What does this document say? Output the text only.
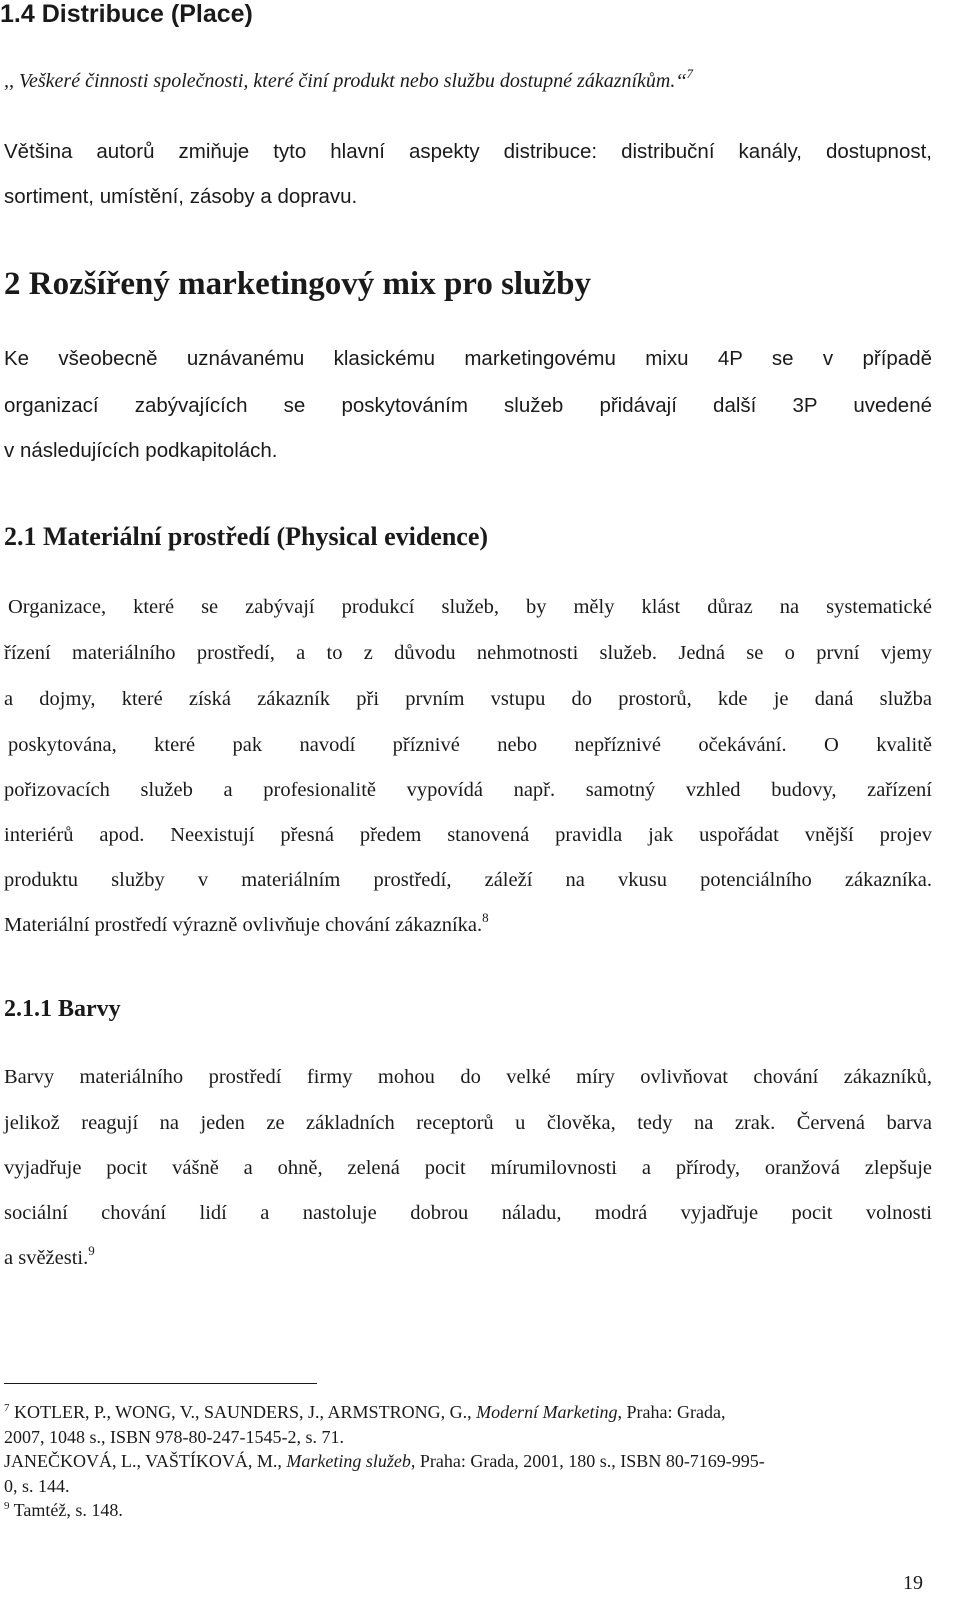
1.4 Distribuce (Place)

,, Veškeré činnosti společnosti, které činí produkt nebo službu dostupné zákazníkům.‘‘$^7$

Většina autorů zmiňuje tyto hlavní aspekty distribuce: distribuční kanály, dostupnost,

sortiment, umístění, zásoby a dopravu.

2 Rozšířený marketingový mix pro služby

Ke všeobecně uznávanému klasickému marketingovému mixu 4P se v případě

organizací zabývajících se poskytováním služeb přidávají další 3P uvedené

v následujících podkapitolách.

2.1 Materiální prostředí (Physical evidence)

Organizace, které se zabývají produkcí služeb, by měly klást důraz na systematické

řízení materiálního prostředí, a to z důvodu nehmotnosti služeb. Jedná se o první vjemy

a dojmy, které získá zákazník při prvním vstupu do prostorů, kde je daná služba

poskytována, které pak navodí příznivé nebo nepříznivé očekávání. O kvalitě

pořizovacích služeb a profesionalitě vypovídá např. samotný vzhled budovy, zařízení

interiérů apod. Neexistují přesná předem stanovená pravidla jak uspořádat vnější projev

produktu služby v materiálním prostředí, záleží na vkusu potenciálního zákazníka.

Materiální prostředí výrazně ovlivňuje chování zákazníka.$^8$

2.1.1 Barvy

Barvy materiálního prostředí firmy mohou do velké míry ovlivňovat chování zákazníků,

jelikož reagují na jeden ze základních receptorů u člověka, tedy na zrak. Červená barva

vyjadřuje pocit vášně a ohně, zelená pocit mírumilovnosti a přírody, oranžová zlepšuje

sociální chování lidí a nastoluje dobrou náladu, modrá vyjadřuje pocit volnosti

a svěžesti.$^9$

$^7$ KOTLER, P., WONG, V., SAUNDERS, J., ARMSTRONG, G., Moderní Marketing, Praha: Grada,

2007, 1048 s., ISBN 978-80-247-1545-2, s. 71.

JANEČKOVÁ, L., VAŠTÍKOVÁ, M., Marketing služeb, Praha: Grada, 2001, 180 s., ISBN 80-7169-995-

0, s. 144.

$^9$ Tamtéž, s. 148.

19
